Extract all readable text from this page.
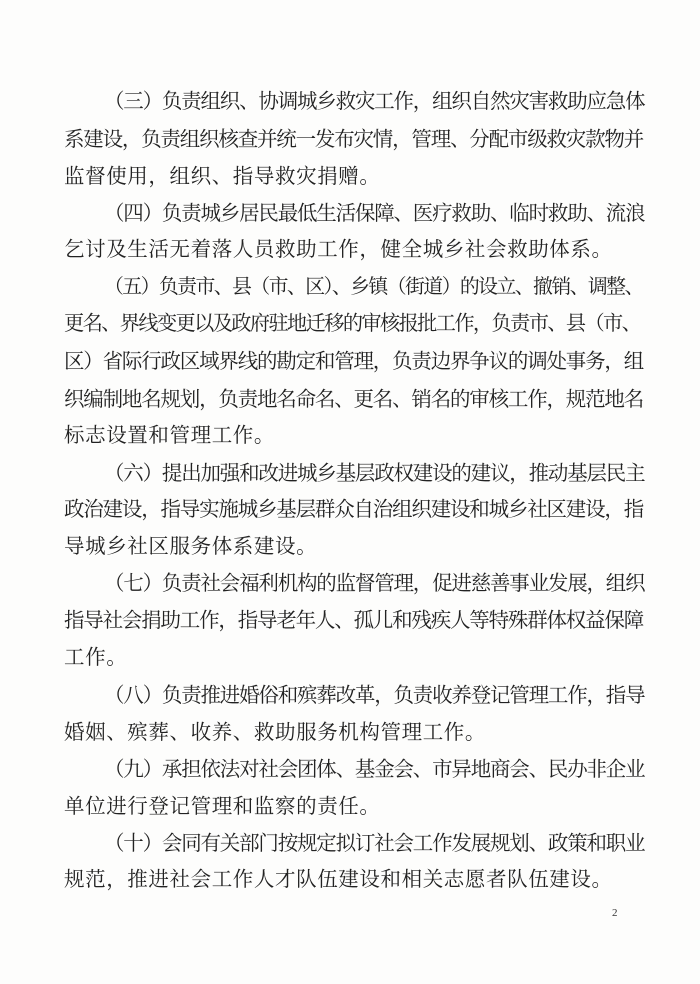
（三）负责组织、协调城乡救灾工作，组织自然灾害救助应急体
系建设，负责组织核查并统一发布灾情，管理、分配市级救灾款物并
监督使用，组织、指导救灾捐赠。
（四）负责城乡居民最低生活保障、医疗救助、临时救助、流浪
乞讨及生活无着落人员救助工作，健全城乡社会救助体系。
（五）负责市、县（市、区）、乡镇（街道）的设立、撤销、调整、
更名、界线变更以及政府驻地迁移的审核报批工作，负责市、县（市、
区）省际行政区域界线的勘定和管理，负责边界争议的调处事务，组
织编制地名规划，负责地名命名、更名、销名的审核工作，规范地名
标志设置和管理工作。
（六）提出加强和改进城乡基层政权建设的建议，推动基层民主
政治建设，指导实施城乡基层群众自治组织建设和城乡社区建设，指
导城乡社区服务体系建设。
（七）负责社会福利机构的监督管理，促进慈善事业发展，组织
指导社会捐助工作，指导老年人、孤儿和残疾人等特殊群体权益保障
工作。
（八）负责推进婚俗和殡葬改革，负责收养登记管理工作，指导
婚姻、殡葬、收养、救助服务机构管理工作。
（九）承担依法对社会团体、基金会、市异地商会、民办非企业
单位进行登记管理和监察的责任。
（十）会同有关部门按规定拟订社会工作发展规划、政策和职业
规范，推进社会工作人才队伍建设和相关志愿者队伍建设。
2
